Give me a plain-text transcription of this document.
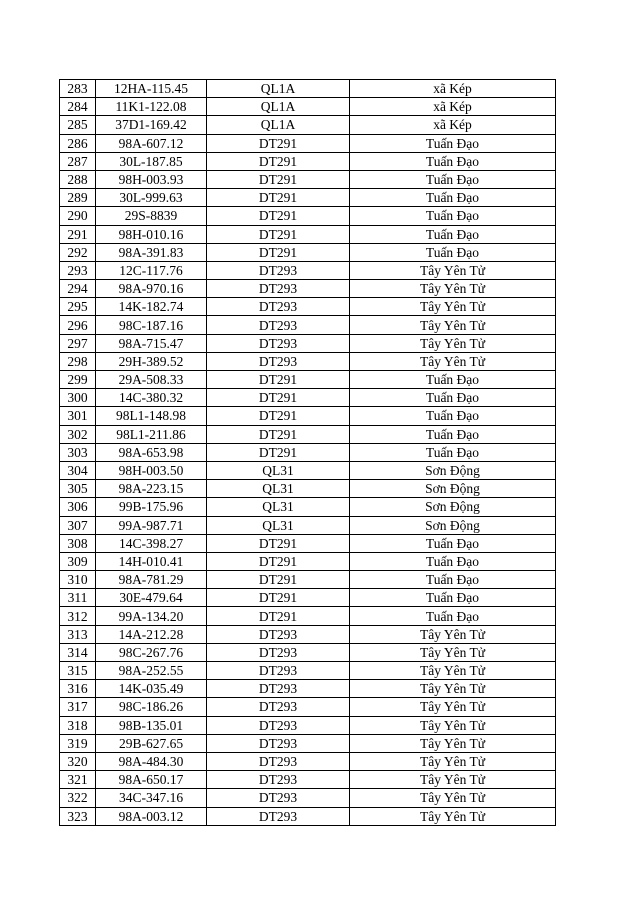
283	12HA-115.45	QL1A	xã Kép
284	11K1-122.08	QL1A	xã Kép
285	37D1-169.42	QL1A	xã Kép
286	98A-607.12	DT291	Tuấn Đạo
287	30L-187.85	DT291	Tuấn Đạo
288	98H-003.93	DT291	Tuấn Đạo
289	30L-999.63	DT291	Tuấn Đạo
290	29S-8839	DT291	Tuấn Đạo
291	98H-010.16	DT291	Tuấn Đạo
292	98A-391.83	DT291	Tuấn Đạo
293	12C-117.76	DT293	Tây Yên Tử
294	98A-970.16	DT293	Tây Yên Tử
295	14K-182.74	DT293	Tây Yên Tử
296	98C-187.16	DT293	Tây Yên Tử
297	98A-715.47	DT293	Tây Yên Tử
298	29H-389.52	DT293	Tây Yên Tử
299	29A-508.33	DT291	Tuấn Đạo
300	14C-380.32	DT291	Tuấn Đạo
301	98L1-148.98	DT291	Tuấn Đạo
302	98L1-211.86	DT291	Tuấn Đạo
303	98A-653.98	DT291	Tuấn Đạo
304	98H-003.50	QL31	Sơn Động
305	98A-223.15	QL31	Sơn Động
306	99B-175.96	QL31	Sơn Động
307	99A-987.71	QL31	Sơn Động
308	14C-398.27	DT291	Tuấn Đạo
309	14H-010.41	DT291	Tuấn Đạo
310	98A-781.29	DT291	Tuấn Đạo
311	30E-479.64	DT291	Tuấn Đạo
312	99A-134.20	DT291	Tuấn Đạo
313	14A-212.28	DT293	Tây Yên Tử
314	98C-267.76	DT293	Tây Yên Tử
315	98A-252.55	DT293	Tây Yên Tử
316	14K-035.49	DT293	Tây Yên Tử
317	98C-186.26	DT293	Tây Yên Tử
318	98B-135.01	DT293	Tây Yên Tử
319	29B-627.65	DT293	Tây Yên Tử
320	98A-484.30	DT293	Tây Yên Tử
321	98A-650.17	DT293	Tây Yên Tử
322	34C-347.16	DT293	Tây Yên Tử
323	98A-003.12	DT293	Tây Yên Tử
